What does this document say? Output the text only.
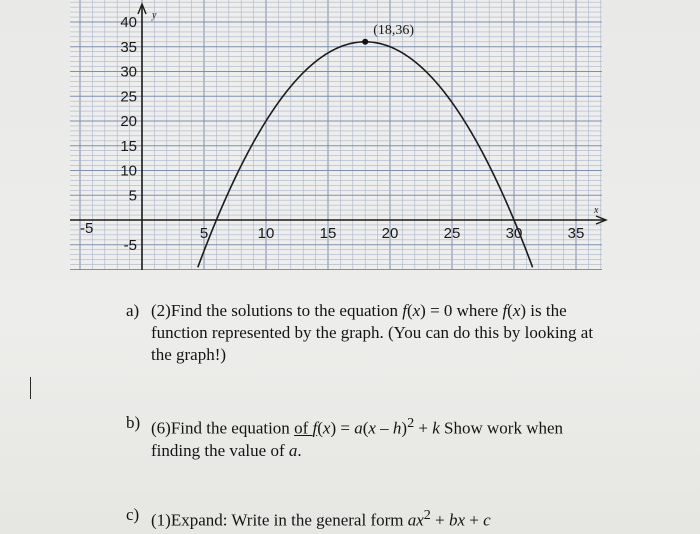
5	10	15	20	25	30	35
5
10
15
20
25
30
35
40	(18,36)
y
x
-5
-5
a) (2)Find the solutions to the equation f(x) = 0 where f(x) is the
function represented by the graph. (You can do this by looking at
the graph!)
b) (6)Find the equation of f(x) = a(x – h)$^2$ + k Show work when
finding the value of a.
c) (1)Expand: Write in the general form $ax^2$ + bx + c
